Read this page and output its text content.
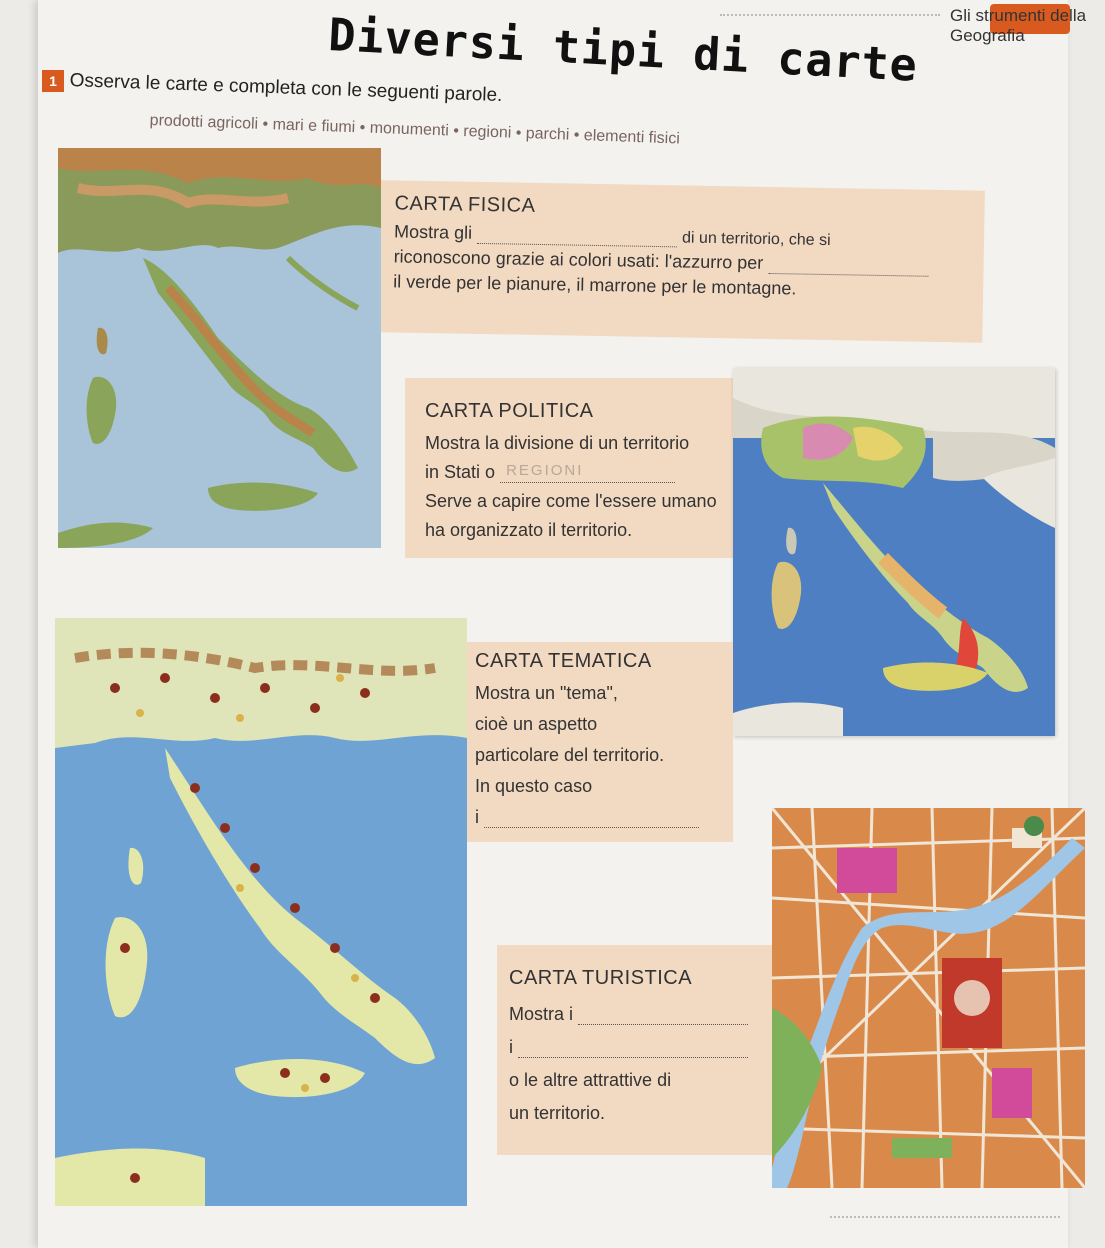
Gli strumenti della Geografia
Diversi tipi di carte
1 Osserva le carte e completa con le seguenti parole.
prodotti agricoli • mari e fiumi • monumenti • regioni • parchi • elementi fisici
CARTA FISICA
Mostra gli	di un territorio, che si
riconoscono grazie ai colori usati: l'azzurro per
il verde per le pianure, il marrone per le montagne.
CARTA POLITICA
Mostra la divisione di un territorio
in Stati o REGIONI
Serve a capire come l'essere umano
ha organizzato il territorio.
CARTA TEMATICA
Mostra un "tema",
cioè un aspetto
particolare del territorio.
In questo caso
i
CARTA TURISTICA
Mostra i
i
o le altre attrattive di
un territorio.
